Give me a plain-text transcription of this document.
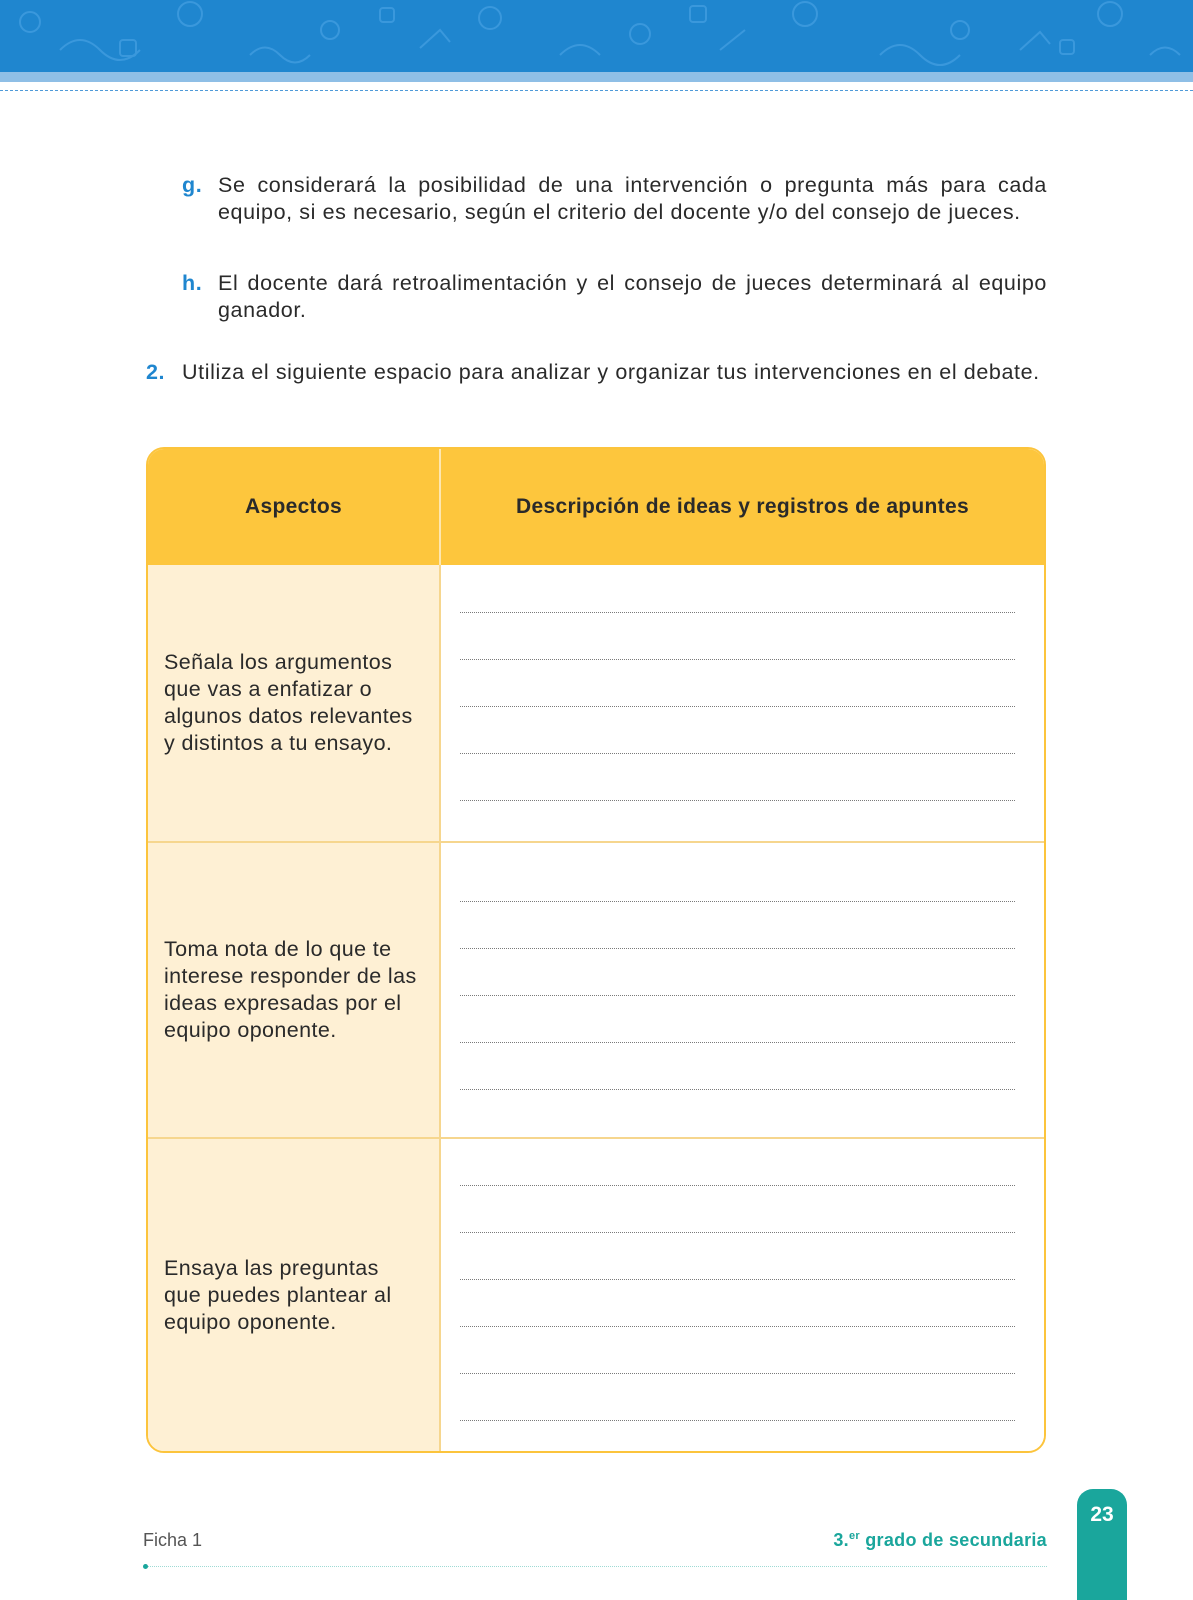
g. Se considerará la posibilidad de una intervención o pregunta más para cada equipo, si es necesario, según el criterio del docente y/o del consejo de jueces.
h. El docente dará retroalimentación y el consejo de jueces determinará al equipo ganador.
2. Utiliza el siguiente espacio para analizar y organizar tus intervenciones en el debate.
Aspectos	Descripción de ideas y registros de apuntes
Señala los argumentos que vas a enfatizar o algunos datos relevantes y distintos a tu ensayo.
Toma nota de lo que te interese responder de las ideas expresadas por el equipo oponente.
Ensaya las preguntas que puedes plantear al equipo oponente.
Ficha 1	3.$^{er}$ grado de secundaria
23
